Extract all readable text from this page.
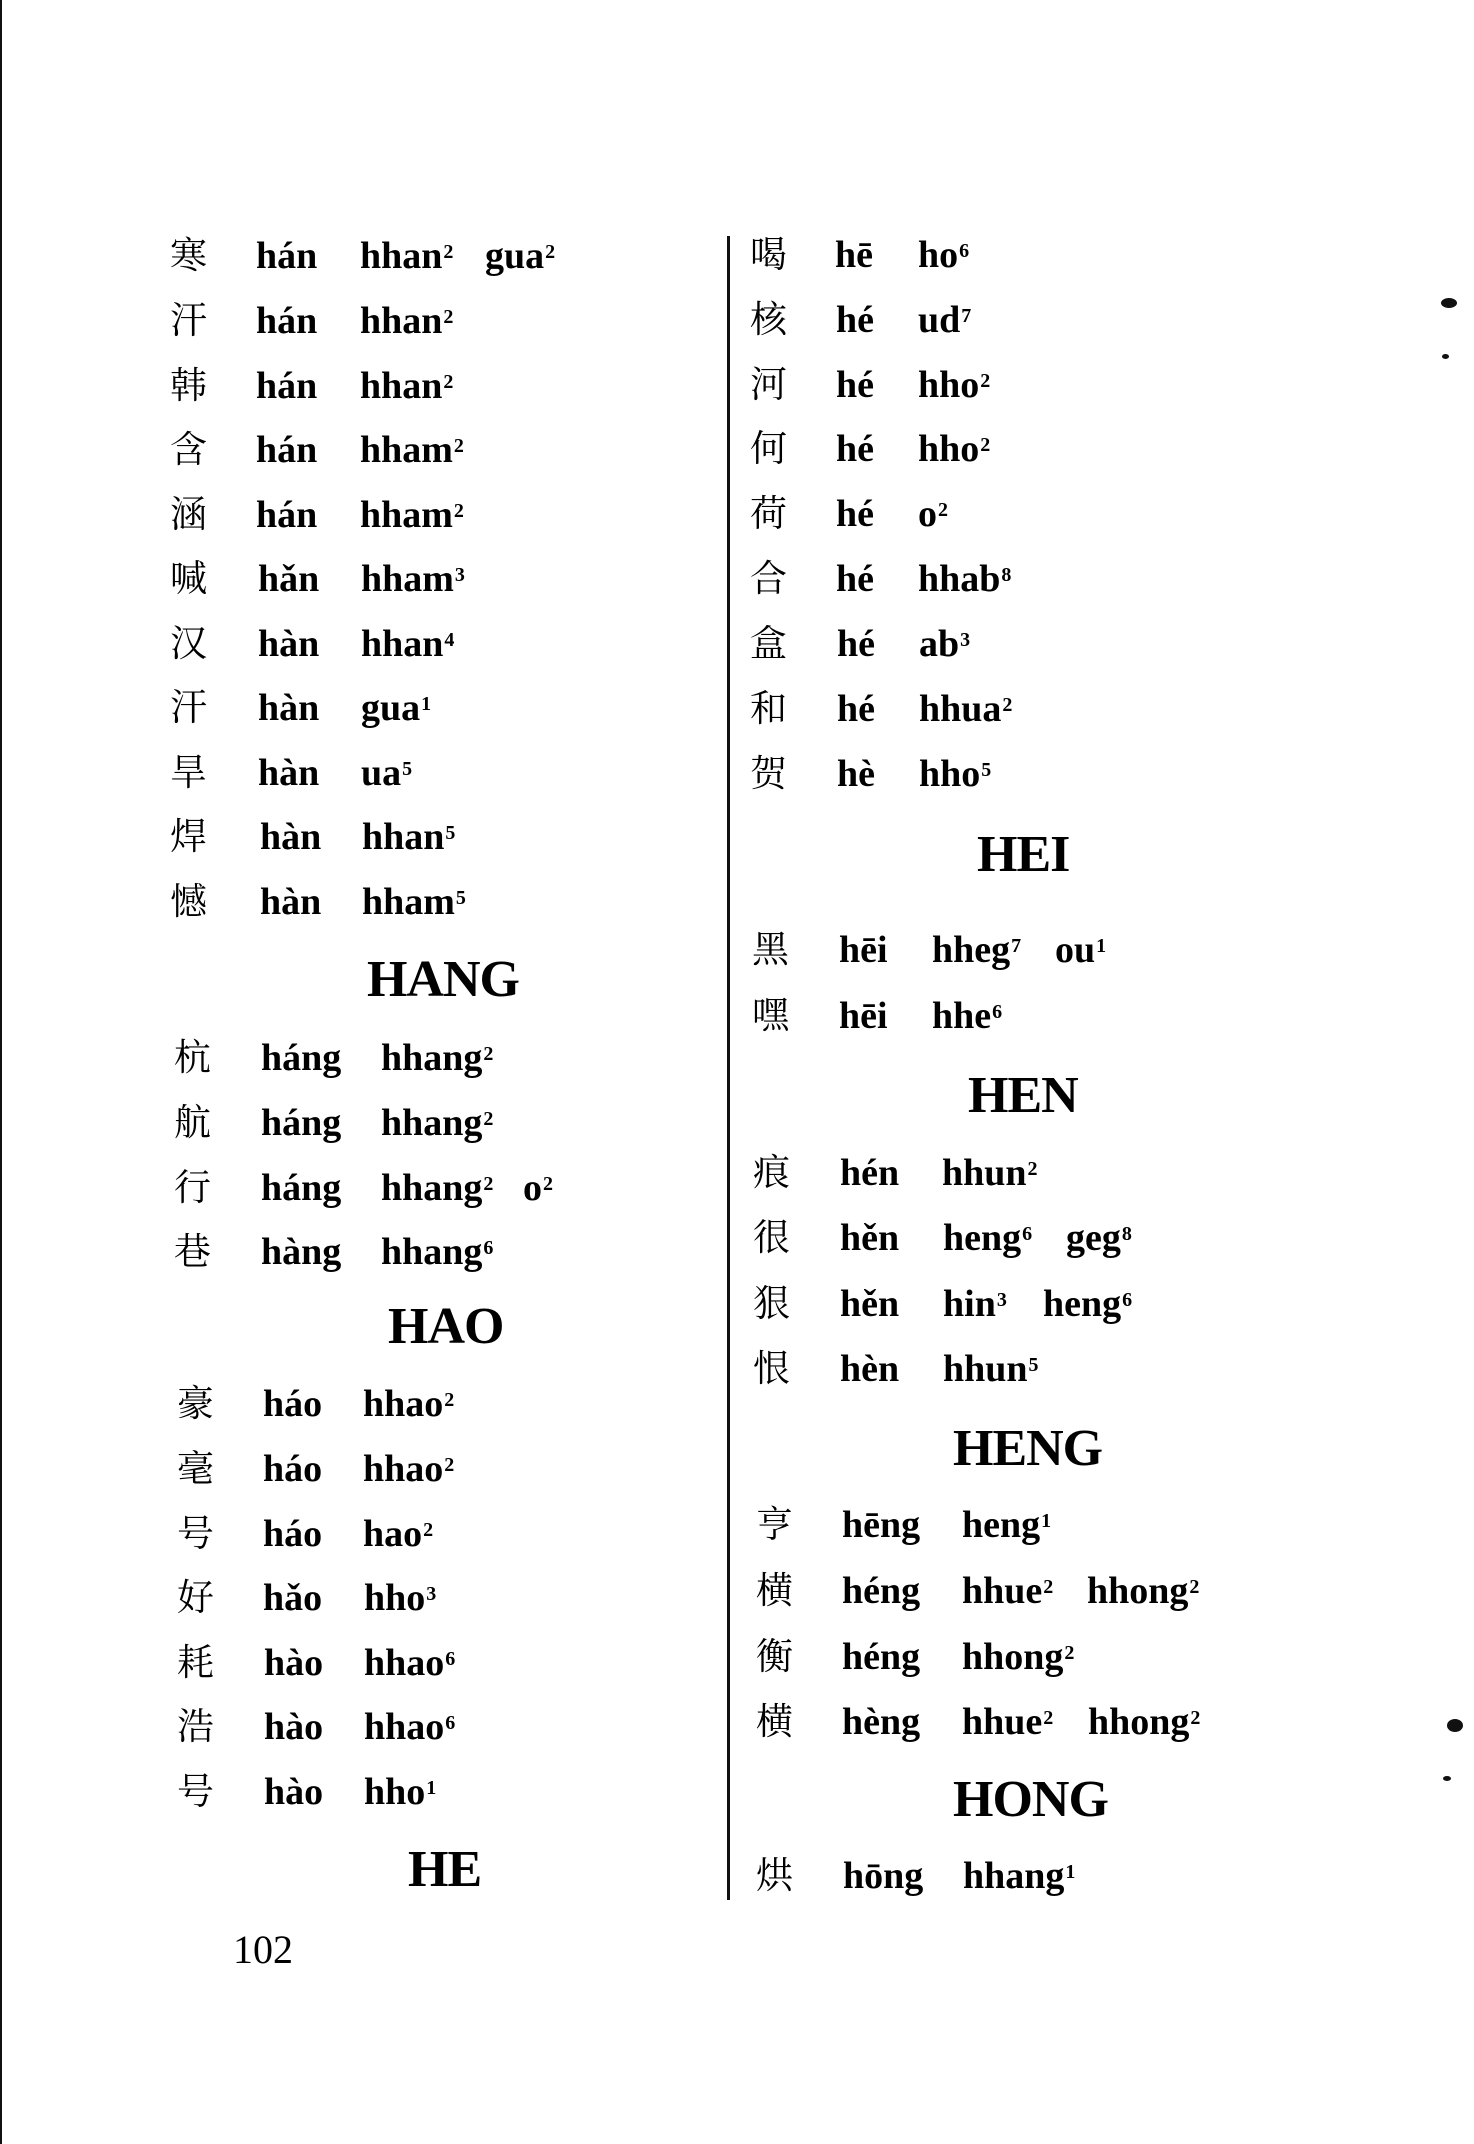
寒 hán hhan$^2$ gua$^2$
汗 hán hhan$^2$
韩 hán hhan$^2$
含 hán hham$^2$
涵 hán hham$^2$
喊 hǎn hham$^3$
汉 hàn hhan$^4$
汗 hàn gua$^1$
旱 hàn $ua^5$
焊 hàn hhan$^5$
憾 hàn hham$^5$
HANG
杭 háng hhang$^2$
航 háng hhang$^2$
行 háng hhang$^2$ $o^2$
巷 hàng hhang$^6$
HAO
豪 háo hhao$^2$
毫 háo hhao$^2$
号 háo hao$^2$
好 hǎo hho$^3$
耗 hào hhao$^6$
浩 hào hhao$^6$
号 hào hho$^1$
HE
喝 hē $ho^6$
核 hé $ud^7$
河 hé hho$^2$
何 hé hho$^2$
荷 hé $o^2$
合 hé hhab$^8$
盒 hé $ab^3$
和 hé hhua$^2$
贺 hè hho$^5$
HEI
黑 hēi hheg$^7$ $ou^1$
嘿 hēi hhe$^6$
HEN
痕 hén hhun$^2$
很 hěn heng$^6$ geg$^8$
狠 hěn hin$^3$ heng$^6$
恨 hèn hhun$^5$
HENG
亨 hēng heng$^1$
横 héng hhue$^2$ hhong$^2$
衡 héng hhong$^2$
横 hèng hhue$^2$ hhong$^2$
HONG
烘 hōng hhang$^1$
102
